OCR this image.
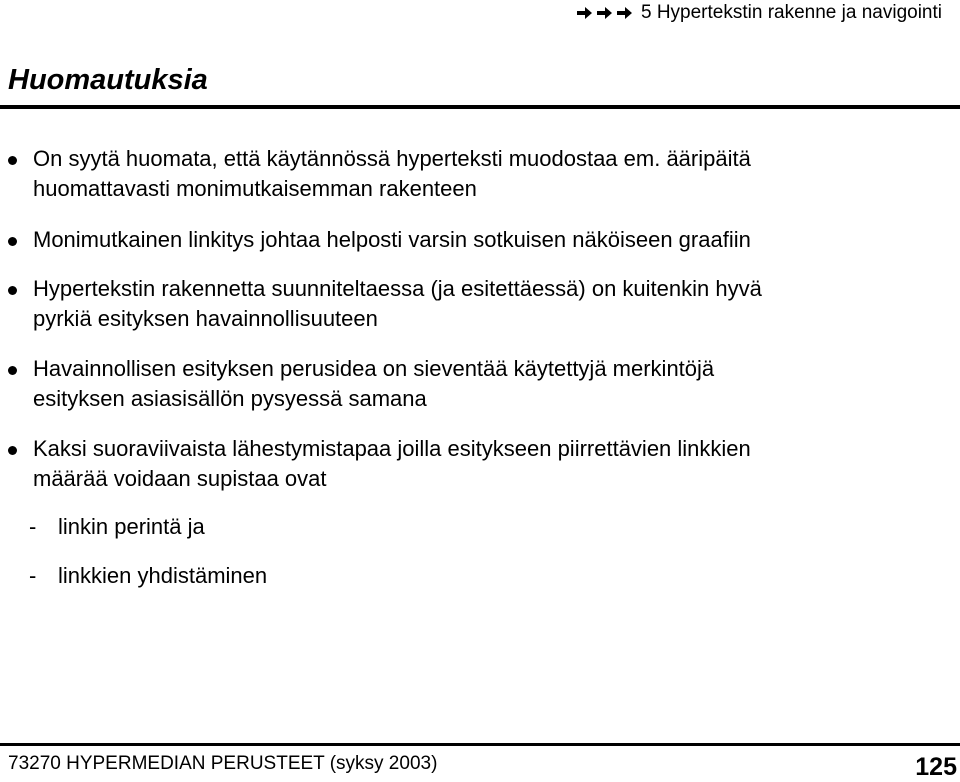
5 Hypertekstin rakenne ja navigointi
Huomautuksia
On syytä huomata, että käytännössä hyperteksti muodostaa em. ääripäitä
huomattavasti monimutkaisemman rakenteen
Monimutkainen linkitys johtaa helposti varsin sotkuisen näköiseen graafiin
Hypertekstin rakennetta suunniteltaessa (ja esitettäessä) on kuitenkin hyvä
pyrkiä esityksen havainnollisuuteen
Havainnollisen esityksen perusidea on sieventää käytettyjä merkintöjä
esityksen asiasisällön pysyessä samana
Kaksi suoraviivaista lähestymistapaa joilla esitykseen piirrettävien linkkien
määrää voidaan supistaa ovat
- linkin perintä ja
- linkkien yhdistäminen
73270 HYPERMEDIAN PERUSTEET (syksy 2003)	125
